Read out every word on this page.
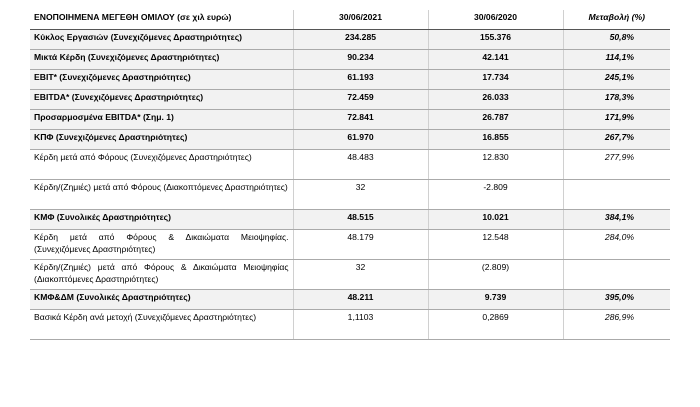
ΕΝΟΠΟΙΗΜΕΝΑ ΜΕΓΕΘΗ ΟΜΙΛΟΥ (σε χιλ ευρώ)	30/06/2021	30/06/2020	Μεταβολή (%)
Κύκλος Εργασιών (Συνεχιζόμενες Δραστηριότητες)	234.285	155.376	50,8%
Μικτά Κέρδη (Συνεχιζόμενες Δραστηριότητες)	90.234	42.141	114,1%
EBIT* (Συνεχιζόμενες Δραστηριότητες)	61.193	17.734	245,1%
EBITDA* (Συνεχιζόμενες Δραστηριότητες)	72.459	26.033	178,3%
Προσαρμοσμένα EBITDA* (Σημ. 1)	72.841	26.787	171,9%
ΚΠΦ (Συνεχιζόμενες Δραστηριότητες)	61.970	16.855	267,7%
Κέρδη μετά από Φόρους (Συνεχιζόμενες Δραστηριότητες)	48.483	12.830	277,9%
Κέρδη/(Ζημιές) μετά από Φόρους (Διακοπτόμενες Δραστηριότητες)	32	-2.809	
ΚΜΦ (Συνολικές Δραστηριότητες)	48.515	10.021	384,1%
Κέρδη μετά από Φόρους & Δικαιώματα Μειοψηφίας. (Συνεχιζόμενες Δραστηριότητες)	48.179	12.548	284,0%
Κέρδη/(Ζημιές) μετά από Φόρους & Δικαιώματα Μειοψηφίας (Διακοπτόμενες Δραστηριότητες)	32	(2.809)	
ΚΜΦ&ΔΜ (Συνολικές Δραστηριότητες)	48.211	9.739	395,0%
Βασικά Κέρδη ανά μετοχή (Συνεχιζόμενες Δραστηριότητες)	1,1103	0,2869	286,9%
